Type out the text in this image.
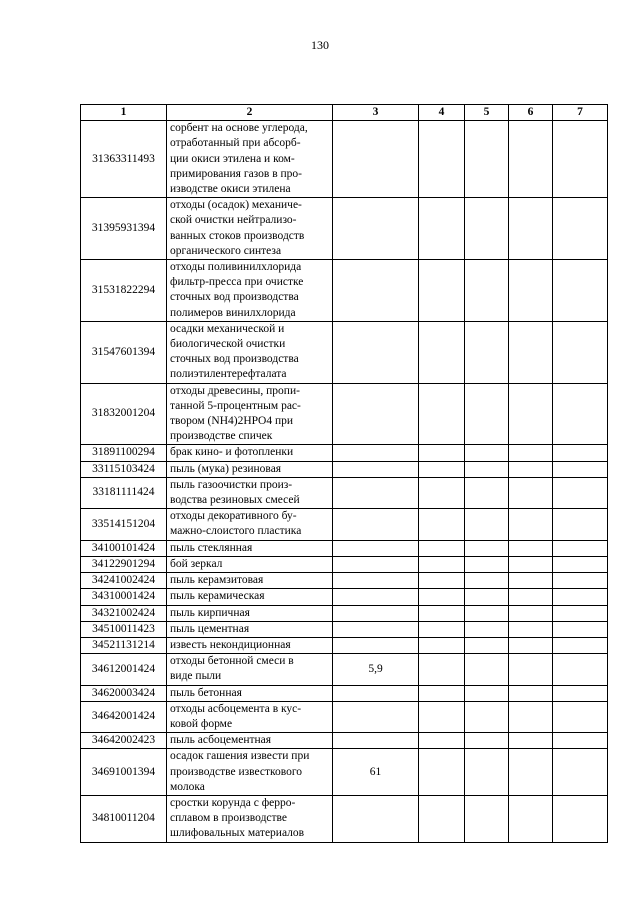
130
1	2	3	4	5	6	7
31363311493	сорбент на основе углерода,
отработанный при абсорб-
ции окиси этилена и ком-
примирования газов в про-
изводстве окиси этилена					

31395931394	отходы (осадок) механиче-
ской очистки нейтрализо-
ванных стоков производств
органического синтеза					

31531822294	отходы поливинилхлорида
фильтр-пресса при очистке
сточных вод производства
полимеров винилхлорида					

31547601394	осадки механической и
биологической очистки
сточных вод производства
полиэтилентерефталата					

31832001204	отходы древесины, пропи-
танной 5-процентным рас-
твором (NH4)2HPO4 при
производстве спичек					

31891100294	брак кино- и фотопленки					

33115103424	пыль (мука) резиновая					

33181111424	пыль газоочистки произ-
водства резиновых смесей					

33514151204	отходы декоративного бу-
мажно-слоистого пластика					

34100101424	пыль стеклянная					

34122901294	бой зеркал					

34241002424	пыль керамзитовая					

34310001424	пыль керамическая					

34321002424	пыль кирпичная					

34510011423	пыль цементная					

34521131214	известь некондиционная					

34612001424	отходы бетонной смеси в
виде пыли	5,9				
34620003424	пыль бетонная					

34642001424	отходы асбоцемента в кус-
ковой форме					

34642002423	пыль асбоцементная					

34691001394	осадок гашения извести при
производстве известкового
молока	61				
34810011204	сростки корунда с ферро-
сплавом в производстве
шлифовальных материалов					
